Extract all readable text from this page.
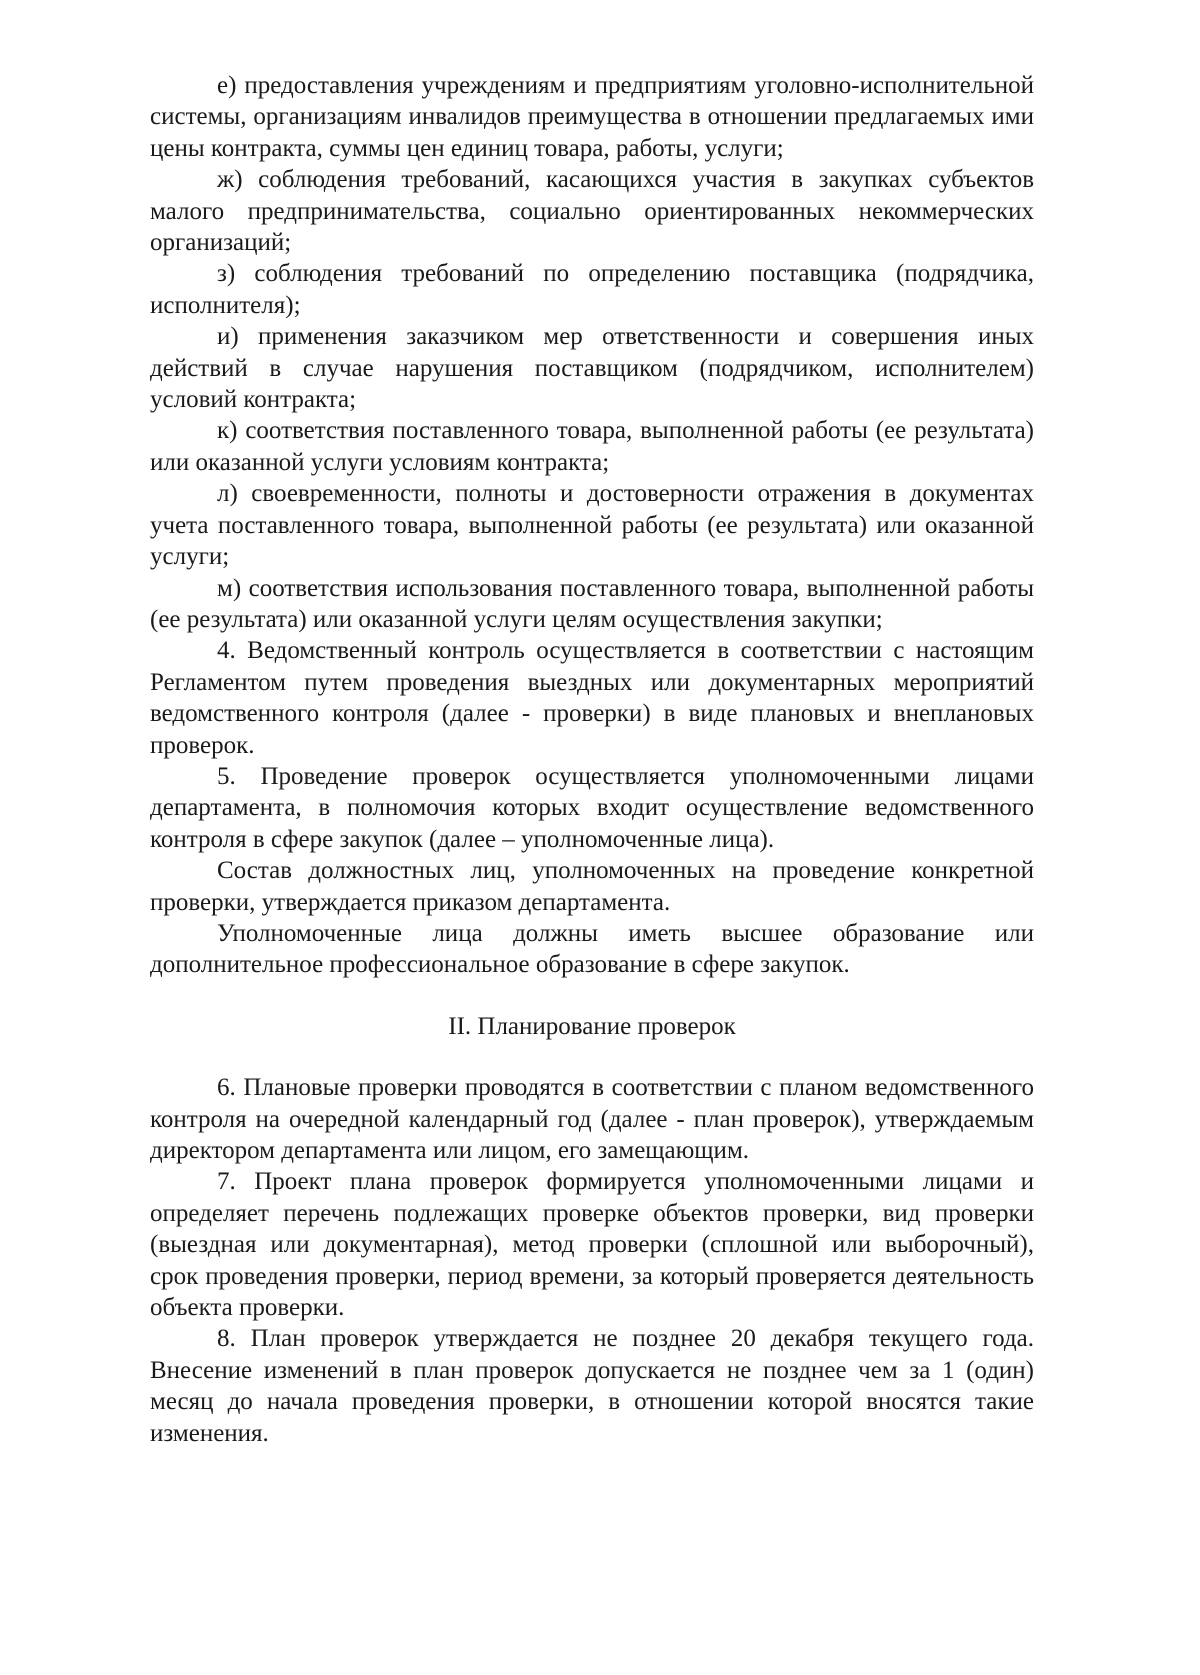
е) предоставления учреждениям и предприятиям уголовно-исполнительной системы, организациям инвалидов преимущества в отношении предлагаемых ими цены контракта, суммы цен единиц товара, работы, услуги;

ж) соблюдения требований, касающихся участия в закупках субъектов малого предпринимательства, социально ориентированных некоммерческих организаций;

з) соблюдения требований по определению поставщика (подрядчика, исполнителя);

и) применения заказчиком мер ответственности и совершения иных действий в случае нарушения поставщиком (подрядчиком, исполнителем) условий контракта;

к) соответствия поставленного товара, выполненной работы (ее результата) или оказанной услуги условиям контракта;

л) своевременности, полноты и достоверности отражения в документах учета поставленного товара, выполненной работы (ее результата) или оказанной услуги;

м) соответствия использования поставленного товара, выполненной работы (ее результата) или оказанной услуги целям осуществления закупки;

4. Ведомственный контроль осуществляется в соответствии с настоящим Регламентом путем проведения выездных или документарных мероприятий ведомственного контроля (далее - проверки) в виде плановых и внеплановых проверок.

5. Проведение проверок осуществляется уполномоченными лицами департамента, в полномочия которых входит осуществление ведомственного контроля в сфере закупок (далее – уполномоченные лица).

Состав должностных лиц, уполномоченных на проведение конкретной проверки, утверждается приказом департамента.

Уполномоченные лица должны иметь высшее образование или дополнительное профессиональное образование в сфере закупок.

II. Планирование проверок

6. Плановые проверки проводятся в соответствии с планом ведомственного контроля на очередной календарный год (далее - план проверок), утверждаемым директором департамента или лицом, его замещающим.

7. Проект плана проверок формируется уполномоченными лицами и определяет перечень подлежащих проверке объектов проверки, вид проверки (выездная или документарная), метод проверки (сплошной или выборочный), срок проведения проверки, период времени, за который проверяется деятельность объекта проверки.

8. План проверок утверждается не позднее 20 декабря текущего года. Внесение изменений в план проверок допускается не позднее чем за 1 (один) месяц до начала проведения проверки, в отношении которой вносятся такие изменения.
